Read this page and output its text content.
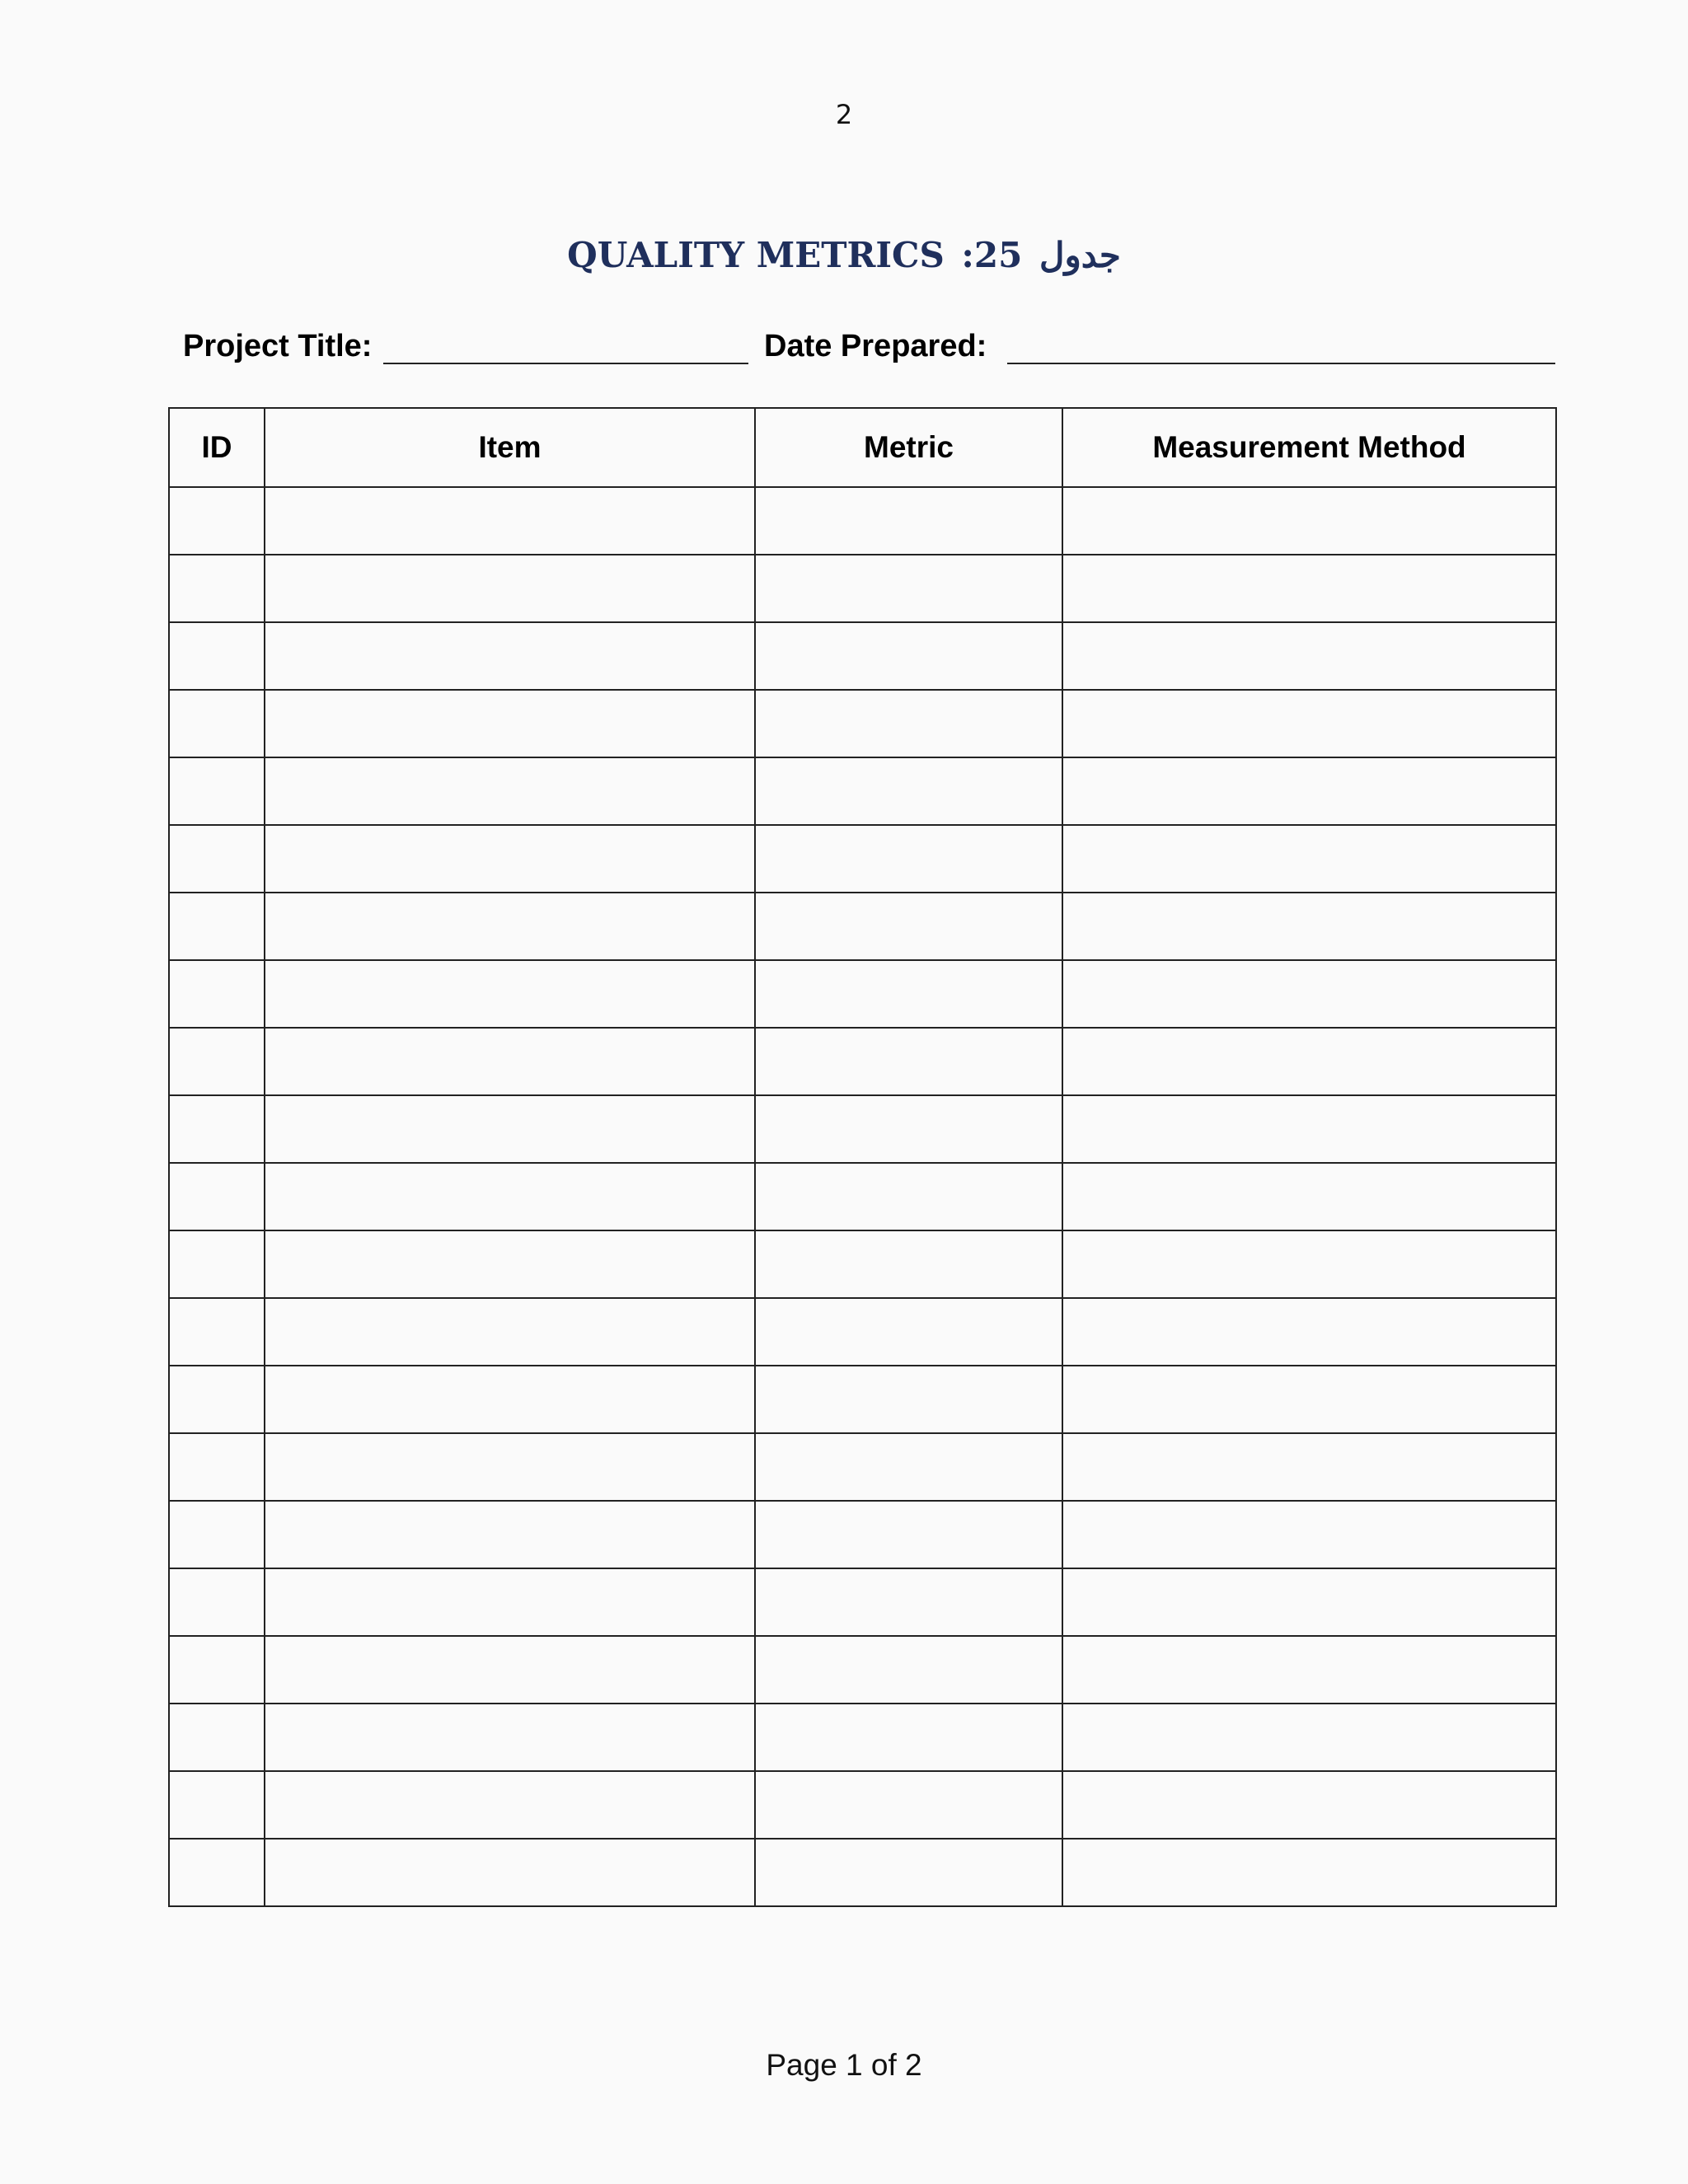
2
QUALITY METRICS :25 جدول
Project Title:	Date Prepared:
ID	Item	Metric	Measurement Method

Page 1 of 2
